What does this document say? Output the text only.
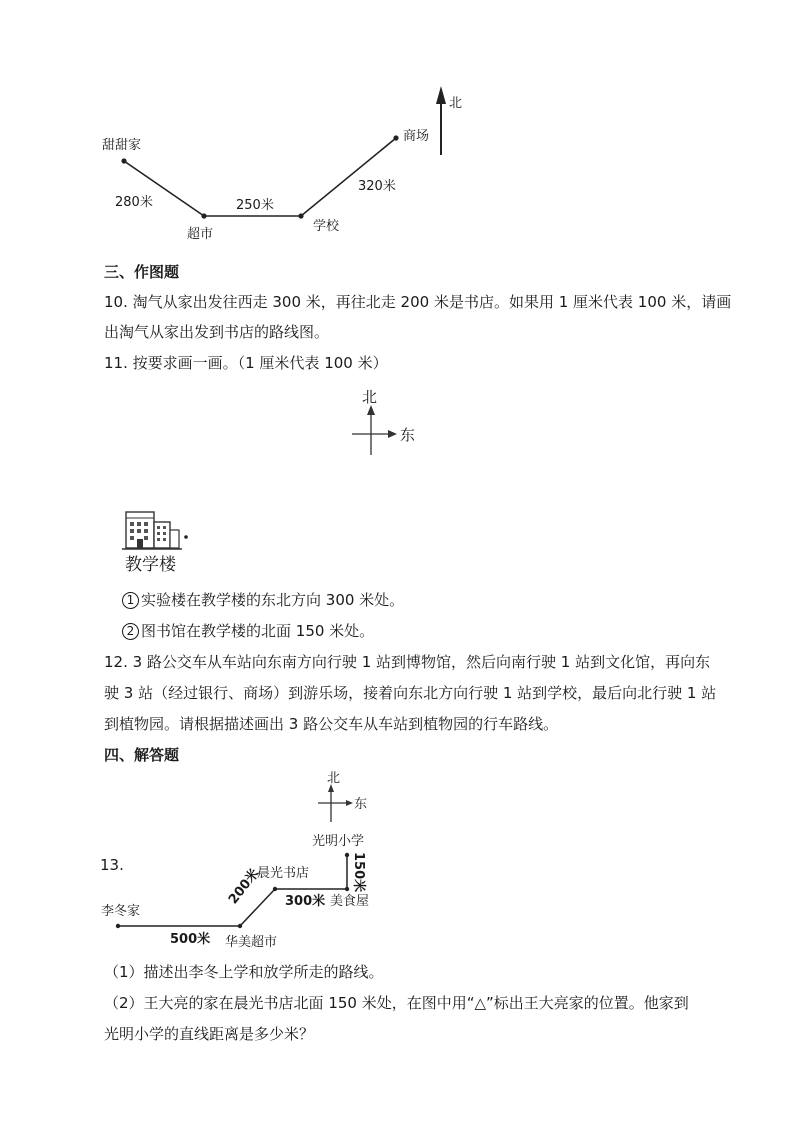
北
甜甜家
商场
280米	250米
320米
超市
学校
三、作图题
10. 淘气从家出发往西走 300 米，再往北走 200 米是书店。如果用 1 厘米代表 100 米，请画
出淘气从家出发到书店的路线图。
11. 按要求画一画。（1 厘米代表 100 米）
北
东
教学楼
1 实验楼在教学楼的东北方向 300 米处。
2 图书馆在教学楼的北面 150 米处。
12. 3 路公交车从车站向东南方向行驶 1 站到博物馆，然后向南行驶 1 站到文化馆，再向东
驶 3 站（经过银行、商场）到游乐场，接着向东北方向行驶 1 站到学校，最后向北行驶 1 站
到植物园。请根据描述画出 3 路公交车从车站到植物园的行车路线。
四、解答题
北
东
光明小学
晨光书店
李冬家
华美超市
美食屋
500米
300米
200米	150米
13.
（1）描述出李冬上学和放学所走的路线。
（2）王大亮的家在晨光书店北面 150 米处，在图中用“△”标出王大亮家的位置。他家到
光明小学的直线距离是多少米？
